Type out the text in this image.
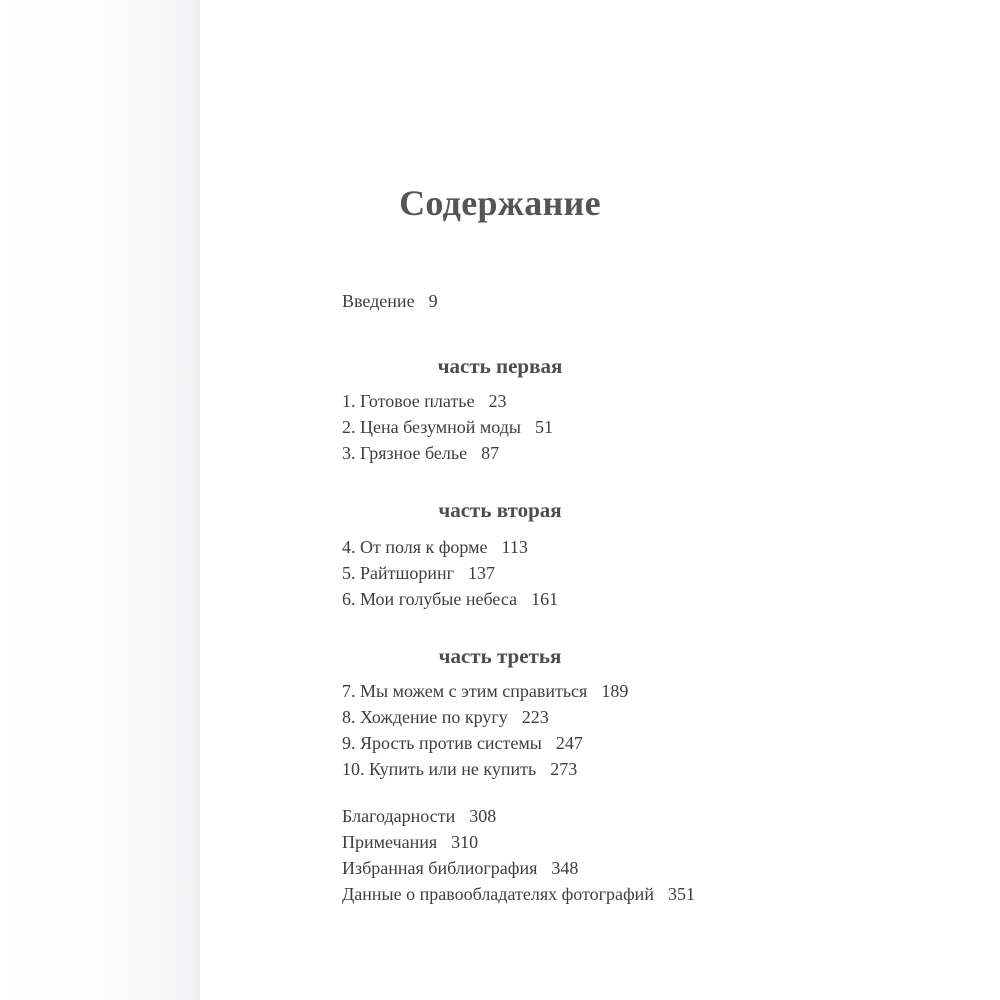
Содержание
Введение 9
часть первая
1. Готовое платье 23
2. Цена безумной моды 51
3. Грязное белье 87
часть вторая
4. От поля к форме 113
5. Райтшоринг 137
6. Мои голубые небеса 161
часть третья
7. Мы можем с этим справиться 189
8. Хождение по кругу 223
9. Ярость против системы 247
10. Купить или не купить 273
Благодарности 308
Примечания 310
Избранная библиография 348
Данные о правообладателях фотографий 351
